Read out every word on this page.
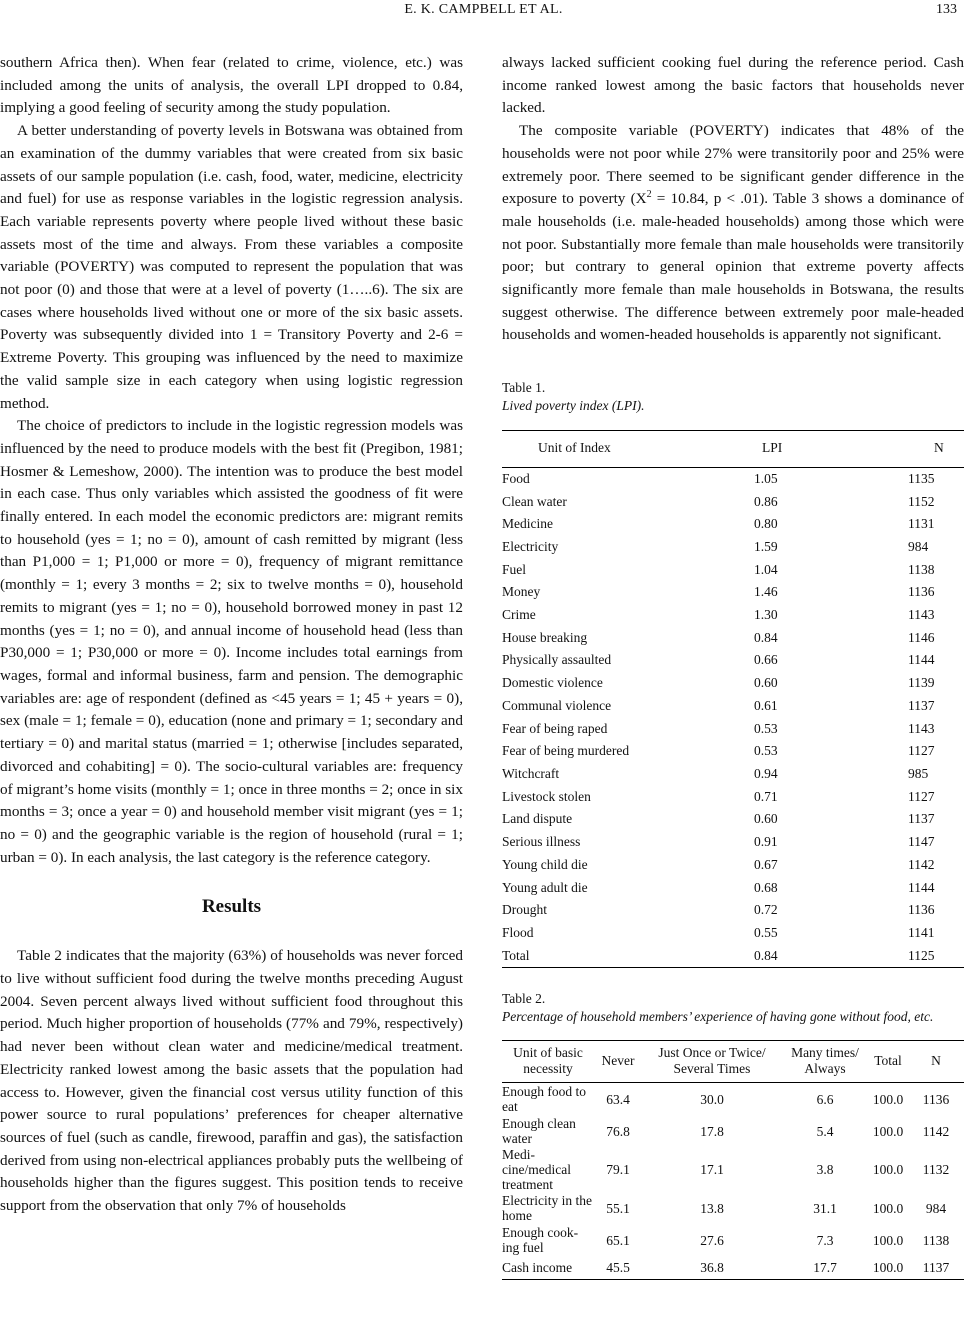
E. K. CAMPBELL ET AL.	133

southern Africa then). When fear (related to crime, violence, etc.) was included among the units of analysis, the overall LPI dropped to 0.84, implying a good feeling of security among the study population.

A better understanding of poverty levels in Botswana was obtained from an examination of the dummy variables that were created from six basic assets of our sample population (i.e. cash, food, water, medicine, electricity and fuel) for use as response variables in the logistic regression analysis. Each variable represents poverty where people lived without these basic assets most of the time and always. From these variables a composite variable (POVERTY) was computed to represent the population that was not poor (0) and those that were at a level of poverty (1…..6). The six are cases where households lived without one or more of the six basic assets. Poverty was subsequently divided into 1 = Transitory Poverty and 2-6 = Extreme Poverty. This grouping was influenced by the need to maximize the valid sample size in each category when using logistic regression method.

The choice of predictors to include in the logistic regression models was influenced by the need to produce models with the best fit (Pregibon, 1981; Hosmer & Lemeshow, 2000). The intention was to produce the best model in each case. Thus only variables which assisted the goodness of fit were finally entered. In each model the economic predictors are: migrant remits to household (yes = 1; no = 0), amount of cash remitted by migrant (less than P1,000 = 1; P1,000 or more = 0), frequency of migrant remittance (monthly = 1; every 3 months = 2; six to twelve months = 0), household remits to migrant (yes = 1; no = 0), household borrowed money in past 12 months (yes = 1; no = 0), and annual income of household head (less than P30,000 = 1; P30,000 or more = 0). Income includes total earnings from wages, formal and informal business, farm and pension. The demographic variables are: age of respondent (defined as <45 years = 1; 45 + years = 0), sex (male = 1; female = 0), education (none and primary = 1; secondary and tertiary = 0) and marital status (married = 1; otherwise [includes separated, divorced and cohabiting] = 0). The socio-cultural variables are: frequency of migrant’s home visits (monthly = 1; once in three months = 2; once in six months = 3; once a year = 0) and household member visit migrant (yes = 1; no = 0) and the geographic variable is the region of household (rural = 1; urban = 0). In each analysis, the last category is the reference category.

Results

Table 2 indicates that the majority (63%) of households was never forced to live without sufficient food during the twelve months preceding August 2004. Seven percent always lived without sufficient food throughout this period. Much higher proportion of households (77% and 79%, respectively) had never been without clean water and medicine/medical treatment. Electricity ranked lowest among the basic assets that the population had access to. However, given the financial cost versus utility function of this power source to rural populations’ preferences for cheaper alternative sources of fuel (such as candle, firewood, paraffin and gas), the satisfaction derived from using non-electrical appliances probably puts the wellbeing of households higher than the figures suggest. This position tends to receive support from the observation that only 7% of households

always lacked sufficient cooking fuel during the reference period. Cash income ranked lowest among the basic factors that households never lacked.

The composite variable (POVERTY) indicates that 48% of the households were not poor while 27% were transitorily poor and 25% were extremely poor. There seemed to be significant gender difference in the exposure to poverty ($X^2 = 10.84$, p < .01). Table 3 shows a dominance of male households (i.e. male-headed households) among those which were not poor. Substantially more female than male households were transitorily poor; but contrary to general opinion that extreme poverty affects significantly more female than male households in Botswana, the results suggest otherwise. The difference between extremely poor male-headed households and women-headed households is apparently not significant.

Table 1.
Lived poverty index (LPI).
Unit of Index	LPI	N
Food	1.05	1135
Clean water	0.86	1152
Medicine	0.80	1131
Electricity	1.59	984
Fuel	1.04	1138
Money	1.46	1136
Crime	1.30	1143
House breaking	0.84	1146
Physically assaulted	0.66	1144
Domestic violence	0.60	1139
Communal violence	0.61	1137
Fear of being raped	0.53	1143
Fear of being murdered	0.53	1127
Witchcraft	0.94	985
Livestock stolen	0.71	1127
Land dispute	0.60	1137
Serious illness	0.91	1147
Young child die	0.67	1142
Young adult die	0.68	1144
Drought	0.72	1136
Flood	0.55	1141
Total	0.84	1125
Table 2.
Percentage of household members’ experience of having gone without food, etc.
Unit of basic necessity	Never	Just Once or Twice/ Several Times	Many times/ Always	Total	N
Enough food to eat	63.4	30.0	6.6	100.0	1136
Enough clean water	76.8	17.8	5.4	100.0	1142
Medi-cine/medical treatment	79.1	17.1	3.8	100.0	1132
Electricity in the home	55.1	13.8	31.1	100.0	984
Enough cook-ing fuel	65.1	27.6	7.3	100.0	1138
Cash income	45.5	36.8	17.7	100.0	1137
